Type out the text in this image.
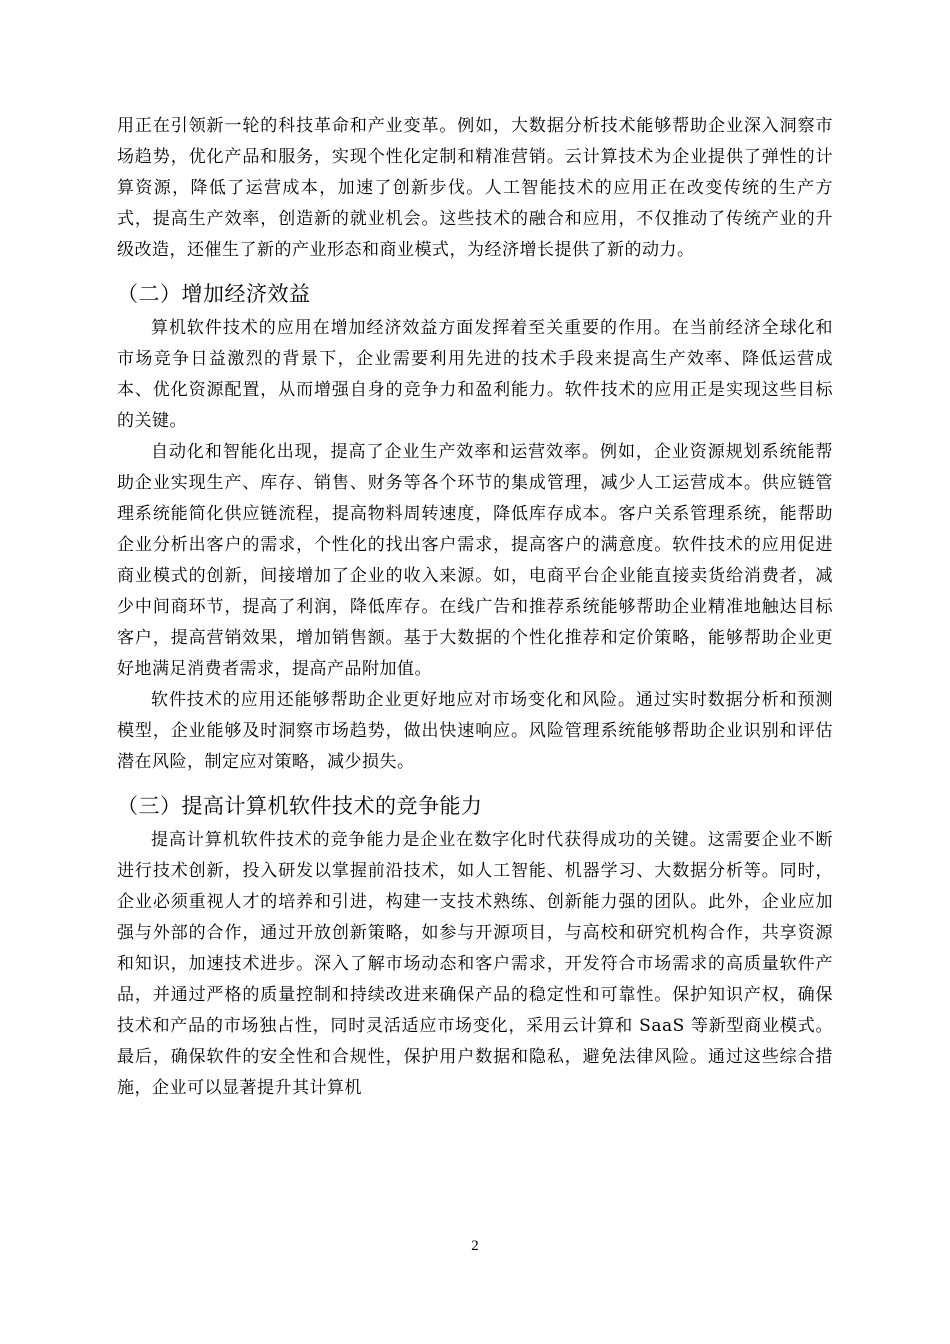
用正在引领新一轮的科技革命和产业变革。例如，大数据分析技术能够帮助企业深入洞察市场趋势，优化产品和服务，实现个性化定制和精准营销。云计算技术为企业提供了弹性的计算资源，降低了运营成本，加速了创新步伐。人工智能技术的应用正在改变传统的生产方式，提高生产效率，创造新的就业机会。这些技术的融合和应用，不仅推动了传统产业的升级改造，还催生了新的产业形态和商业模式，为经济增长提供了新的动力。

（二）增加经济效益

算机软件技术的应用在增加经济效益方面发挥着至关重要的作用。在当前经济全球化和市场竞争日益激烈的背景下，企业需要利用先进的技术手段来提高生产效率、降低运营成本、优化资源配置，从而增强自身的竞争力和盈利能力。软件技术的应用正是实现这些目标的关键。

自动化和智能化出现，提高了企业生产效率和运营效率。例如，企业资源规划系统能帮助企业实现生产、库存、销售、财务等各个环节的集成管理，减少人工运营成本。供应链管理系统能简化供应链流程，提高物料周转速度，降低库存成本。客户关系管理系统，能帮助企业分析出客户的需求，个性化的找出客户需求，提高客户的满意度。软件技术的应用促进商业模式的创新，间接增加了企业的收入来源。如，电商平台企业能直接卖货给消费者，减少中间商环节，提高了利润，降低库存。在线广告和推荐系统能够帮助企业精准地触达目标客户，提高营销效果，增加销售额。基于大数据的个性化推荐和定价策略，能够帮助企业更好地满足消费者需求，提高产品附加值。

软件技术的应用还能够帮助企业更好地应对市场变化和风险。通过实时数据分析和预测模型，企业能够及时洞察市场趋势，做出快速响应。风险管理系统能够帮助企业识别和评估潜在风险，制定应对策略，减少损失。

（三）提高计算机软件技术的竞争能力

提高计算机软件技术的竞争能力是企业在数字化时代获得成功的关键。这需要企业不断进行技术创新，投入研发以掌握前沿技术，如人工智能、机器学习、大数据分析等。同时，企业必须重视人才的培养和引进，构建一支技术熟练、创新能力强的团队。此外，企业应加强与外部的合作，通过开放创新策略，如参与开源项目，与高校和研究机构合作，共享资源和知识，加速技术进步。深入了解市场动态和客户需求，开发符合市场需求的高质量软件产品，并通过严格的质量控制和持续改进来确保产品的稳定性和可靠性。保护知识产权，确保技术和产品的市场独占性，同时灵活适应市场变化，采用云计算和 SaaS 等新型商业模式。最后，确保软件的安全性和合规性，保护用户数据和隐私，避免法律风险。通过这些综合措施，企业可以显著提升其计算机

2
